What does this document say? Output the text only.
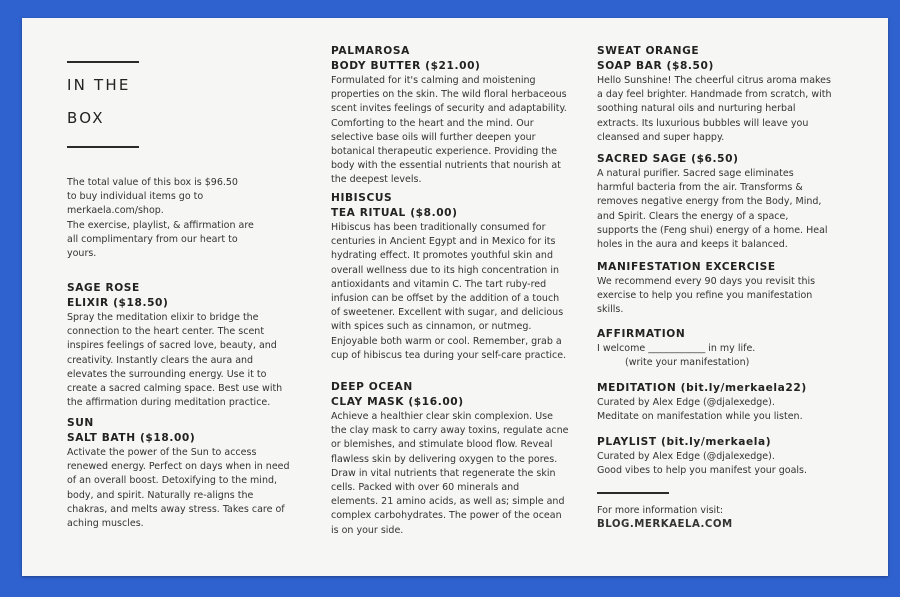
IN THE

BOX

The total value of this box is $96.50
to buy individual items go to
merkaela.com/shop.
The exercise, playlist, & affirmation are
all complimentary from our heart to
yours.

SAGE ROSE

ELIXIR ($18.50)

Spray the meditation elixir to bridge the connection to the heart center. The scent inspires feelings of sacred love, beauty, and creativity. Instantly clears the aura and elevates the surrounding energy. Use it to create a sacred calming space. Best use with the affirmation during meditation practice.

SUN

SALT BATH ($18.00)

Activate the power of the Sun to access renewed energy. Perfect on days when in need of an overall boost. Detoxifying to the mind, body, and spirit. Naturally re-aligns the chakras, and melts away stress. Takes care of aching muscles.

PALMAROSA

BODY BUTTER ($21.00)

Formulated for it's calming and moistening properties on the skin. The wild floral herbaceous scent invites feelings of security and adaptability. Comforting to the heart and the mind. Our selective base oils will further deepen your botanical therapeutic experience. Providing the body with the essential nutrients that nourish at the deepest levels.

HIBISCUS

TEA RITUAL ($8.00)

Hibiscus has been traditionally consumed for centuries in Ancient Egypt and in Mexico for its hydrating effect. It promotes youthful skin and overall wellness due to its high concentration in antioxidants and vitamin C. The tart ruby-red infusion can be offset by the addition of a touch of sweetener. Excellent with sugar, and delicious with spices such as cinnamon, or nutmeg. Enjoyable both warm or cool. Remember, grab a cup of hibiscus tea during your self-care practice.

DEEP OCEAN

CLAY MASK ($16.00)

Achieve a healthier clear skin complexion. Use the clay mask to carry away toxins, regulate acne or blemishes, and stimulate blood flow. Reveal flawless skin by delivering oxygen to the pores. Draw in vital nutrients that regenerate the skin cells. Packed with over 60 minerals and elements. 21 amino acids, as well as; simple and complex carbohydrates. The power of the ocean is on your side.

SWEAT ORANGE

SOAP BAR ($8.50)

Hello Sunshine! The cheerful citrus aroma makes a day feel brighter. Handmade from scratch, with soothing natural oils and nurturing herbal extracts. Its luxurious bubbles will leave you cleansed and super happy.

SACRED SAGE ($6.50)

A natural purifier. Sacred sage eliminates harmful bacteria from the air. Transforms & removes negative energy from the Body, Mind, and Spirit. Clears the energy of a space, supports the (Feng shui) energy of a home. Heal holes in the aura and keeps it balanced.

MANIFESTATION EXCERCISE

We recommend every 90 days you revisit this exercise to help you refine you manifestation skills.

AFFIRMATION

I welcome ____________ in my life.

(write your manifestation)

MEDITATION (bit.ly/merkaela22)

Curated by Alex Edge (@djalexedge).

Meditate on manifestation while you listen.

PLAYLIST (bit.ly/merkaela)

Curated by Alex Edge (@djalexedge).

Good vibes to help you manifest your goals.

For more information visit:

BLOG.MERKAELA.COM
